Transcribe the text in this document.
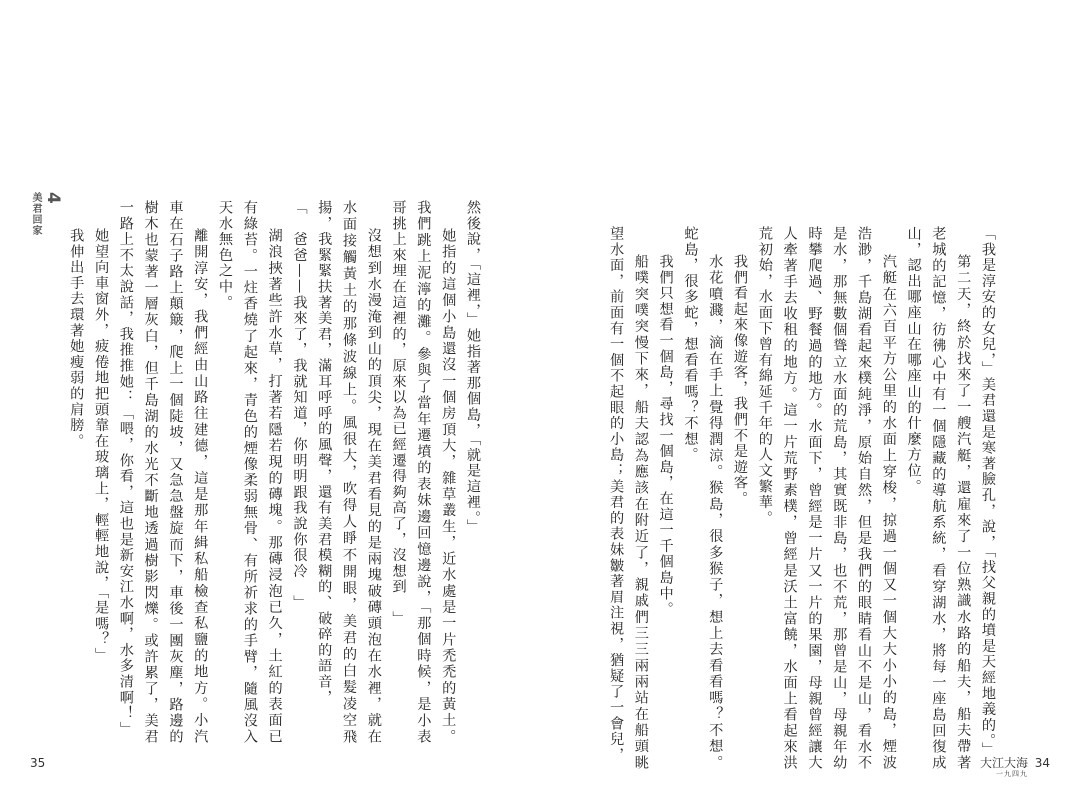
4
美君回家	然後說，「這裡，」她指著那個島，「就是這裡。」

她指的這個小島還沒一個房頂大，雜草叢生，近水處是一片禿禿的黃土。我們跳上泥濘的灘。參與了當年遷墳的表妹邊回憶邊說，「那個時候，是小表哥挑上來埋在這裡的，原來以為已經遷得夠高了，沒想到　」

沒想到水漫淹到山的頂尖，現在美君看見的是兩塊破磚頭泡在水裡，就在水面接觸黃土的那條波線上。風很大，吹得人睜不開眼，美君的白髮凌空飛揚，我緊緊扶著美君，滿耳呼呼的風聲，還有美君模糊的、破碎的語音，

「　爸爸——我來了，我就知道，你明明跟我說你很冷　」

湖浪挾著些許水草，打著若隱若現的磚塊。那磚浸泡已久，土紅的表面已有綠苔。一炷香燒了起來，青色的煙像柔弱無骨、有所祈求的手臂，隨風沒入天水無色之中。

離開淳安，我們經由山路往建德，這是那年緝私船檢查私鹽的地方。小汽車在石子路上顛簸，爬上一個陡坡，又急急盤旋而下，車後一團灰塵，路邊的樹木也蒙著一層灰白，但千島湖的水光不斷地透過樹影閃爍。或許累了，美君一路上不太說話，我推推她：「喂，你看，這也是新安江水啊，水多清啊！」

她望向車窗外，疲倦地把頭靠在玻璃上，輕輕地說，「是嗎？」

我伸出手去環著她瘦弱的肩膀。

35

「我是淳安的女兒，」美君還是寒著臉孔，說，「找父親的墳是天經地義的。」

第二天，終於找來了一艘汽艇，還雇來了一位熟識水路的船夫，船夫帶著老城的記憶，彷彿心中有一個隱藏的導航系統，看穿湖水，將每一座島回復成山，認出哪座山在哪座山的什麼方位。

汽艇在六百平方公里的水面上穿梭，掠過一個又一個大大小小的島，煙波浩渺，千島湖看起來樸純淨，原始自然，但是我們的眼睛看山不是山，看水不是水，那無數個聳立水面的荒島，其實既非島，也不荒，那曾是山，母親年幼時攀爬過、野餐過的地方。水面下，曾經是一片又一片的果園，母親曾經讓大人牽著手去收租的地方。這一片荒野素樸，曾經是沃土富饒，水面上看起來洪荒初始，水面下曾有綿延千年的人文繁華。

我們看起來像遊客，我們不是遊客。

水花噴濺，滴在手上覺得潤涼。猴島，很多猴子，想上去看看嗎？不想。蛇島，很多蛇，想看看嗎？不想。

我們只想看一個島，尋找一個島，在這一千個島中。

船噗突噗突慢下來，船夫認為應該在附近了，親戚們三三兩兩站在船頭眺望水面，前面有一個不起眼的小島；美君的表妹皺著眉注視，猶疑了一會兒，	大江大海
一九四九
34
